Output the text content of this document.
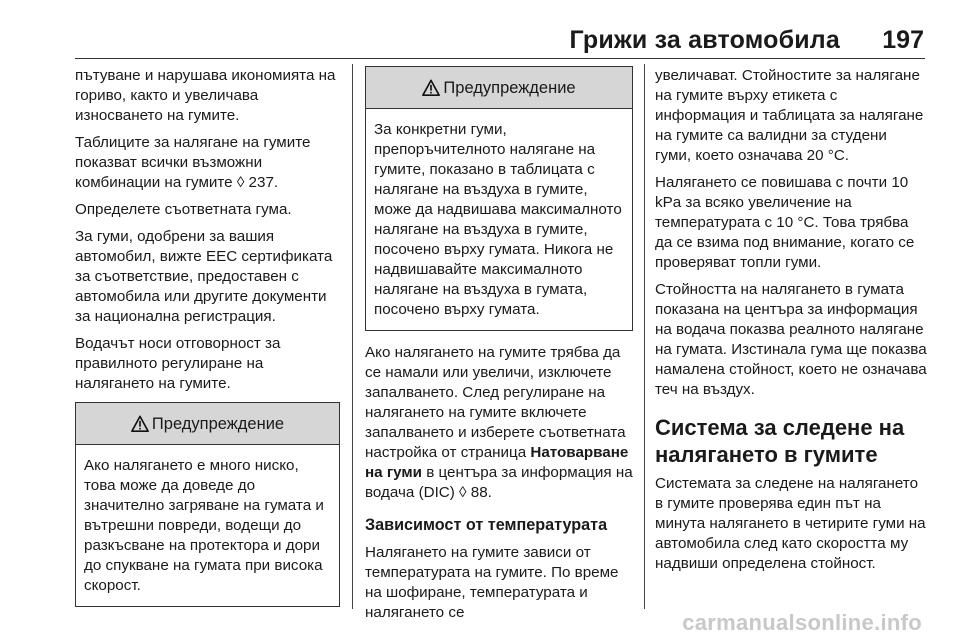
Грижи за автомобила 197

пътуване и нарушава икономията на гориво, както и увеличава износването на гумите.

Таблиците за налягане на гумите показват всички възможни комбинации на гумите ◊ 237.

Определете съответната гума.

За гуми, одобрени за вашия автомобил, вижте ЕЕС сертификата за съответствие, предоставен с автомобила или другите документи за национална регистрация.

Водачът носи отговорност за правилното регулиране на налягането на гумите.

Предупреждение
Ако налягането е много ниско, това може да доведе до значително загряване на гумата и вътрешни повреди, водещи до разкъсване на протектора и дори до спукване на гумата при висока скорост.
Предупреждение
За конкретни гуми, препоръчителното налягане на гумите, показано в таблицата с налягане на въздуха в гумите, може да надвишава максималното налягане на въздуха в гумите, посочено върху гумата. Никога не надвишавайте максималното налягане на въздуха в гумата, посочено върху гумата.

Ако налягането на гумите трябва да се намали или увеличи, изключете запалването. След регулиране на налягането на гумите включете запалването и изберете съответната настройка от страница Натоварване на гуми в центъра за информация на водача (DIC) ◊ 88.

Зависимост от температурата

Налягането на гумите зависи от температурата на гумите. По време на шофиране, температурата и налягането се

увеличават. Стойностите за налягане на гумите върху етикета с информация и таблицата за налягане на гумите са валидни за студени гуми, което означава 20 °C.

Налягането се повишава с почти 10 kPa за всяко увеличение на температурата с 10 °C. Това трябва да се взима под внимание, когато се проверяват топли гуми.

Стойността на налягането в гумата показана на центъра за информация на водача показва реалното налягане на гумата. Изстинала гума ще показва намалена стойност, което не означава теч на въздух.

Система за следене на налягането в гумите

Системата за следене на налягането в гумите проверява един път на минута налягането в четирите гуми на автомобила след като скоростта му надвиши определена стойност.

carmanualsonline.info
